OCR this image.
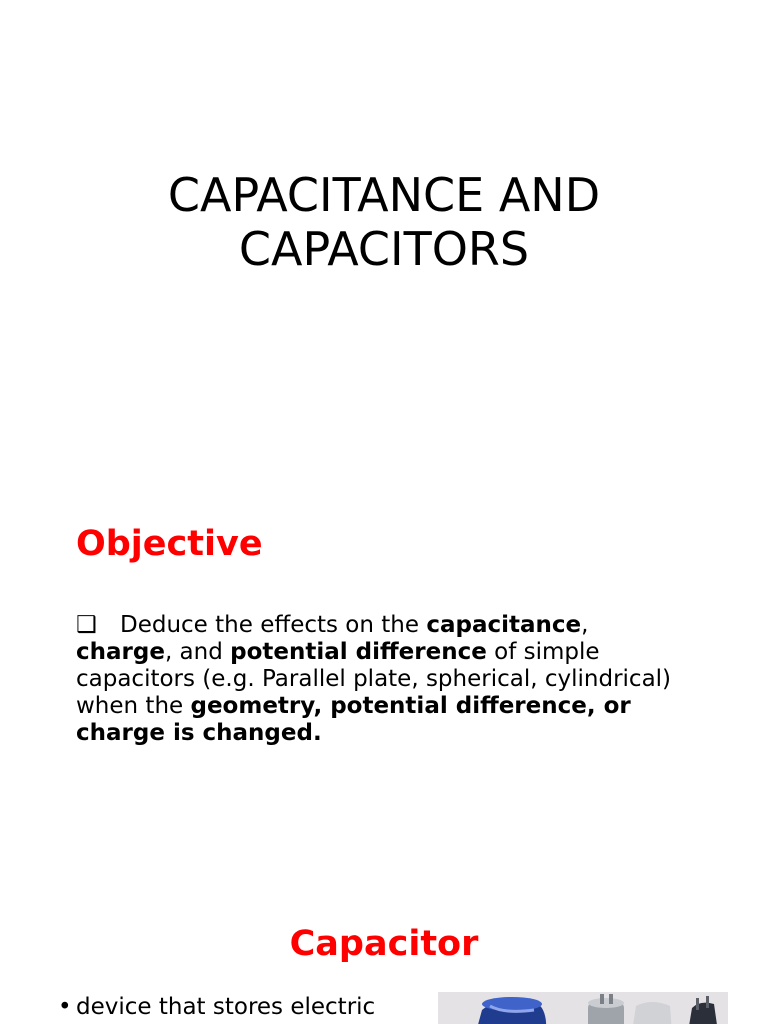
CAPACITANCE AND
CAPACITORS
Objective
❑ Deduce the effects on the capacitance,
charge, and potential difference of simple capacitors (e.g. Parallel plate, spherical, cylindrical) when the geometry, potential difference, or charge is changed.
Capacitor
• device that stores electric
